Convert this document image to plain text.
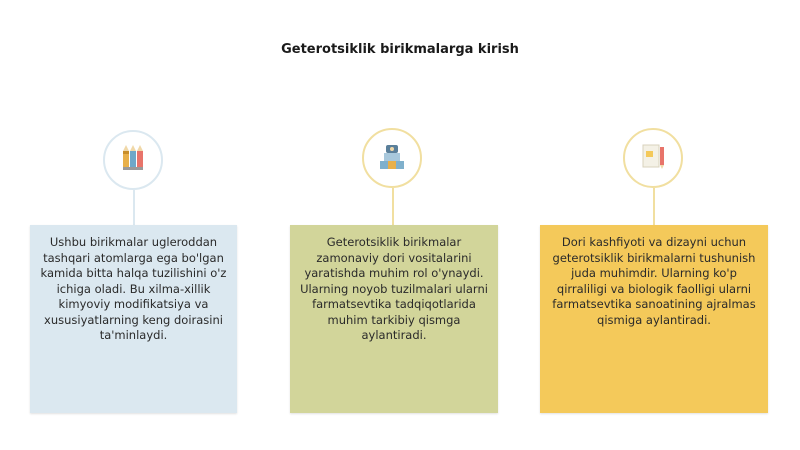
Geterotsiklik birikmalarga kirish
Ushbu birikmalar ugleroddan tashqari atomlarga ega bo'lgan kamida bitta halqa tuzilishini o'z ichiga oladi. Bu xilma-xillik kimyoviy modifikatsiya va xususiyatlarning keng doirasini ta'minlaydi.
Geterotsiklik birikmalar zamonaviy dori vositalarini yaratishda muhim rol o'ynaydi. Ularning noyob tuzilmalari ularni farmatsevtika tadqiqotlarida muhim tarkibiy qismga aylantiradi.
Dori kashfiyoti va dizayni uchun geterotsiklik birikmalarni tushunish juda muhimdir. Ularning ko'p qirraliligi va biologik faolligi ularni farmatsevtika sanoatining ajralmas qismiga aylantiradi.
